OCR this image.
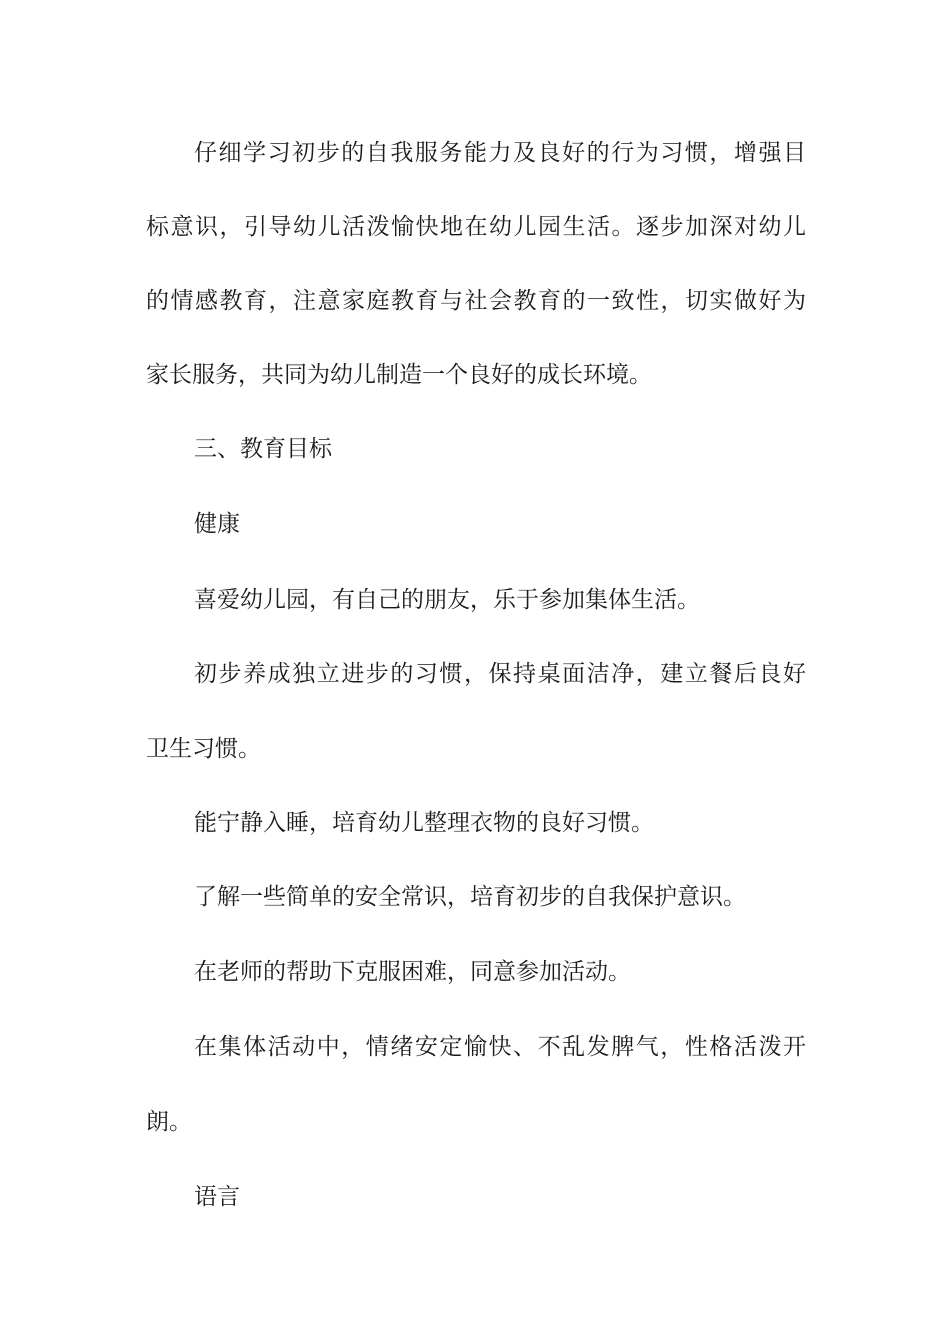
仔细学习初步的自我服务能力及良好的行为习惯，增强目

标意识，引导幼儿活泼愉快地在幼儿园生活。逐步加深对幼儿

的情感教育，注意家庭教育与社会教育的一致性，切实做好为

家长服务，共同为幼儿制造一个良好的成长环境。

三、教育目标

健康

喜爱幼儿园，有自己的朋友，乐于参加集体生活。

初步养成独立进步的习惯，保持桌面洁净，建立餐后良好

卫生习惯。

能宁静入睡，培育幼儿整理衣物的良好习惯。

了解一些简单的安全常识，培育初步的自我保护意识。

在老师的帮助下克服困难，同意参加活动。

在集体活动中，情绪安定愉快、不乱发脾气，性格活泼开

朗。

语言
